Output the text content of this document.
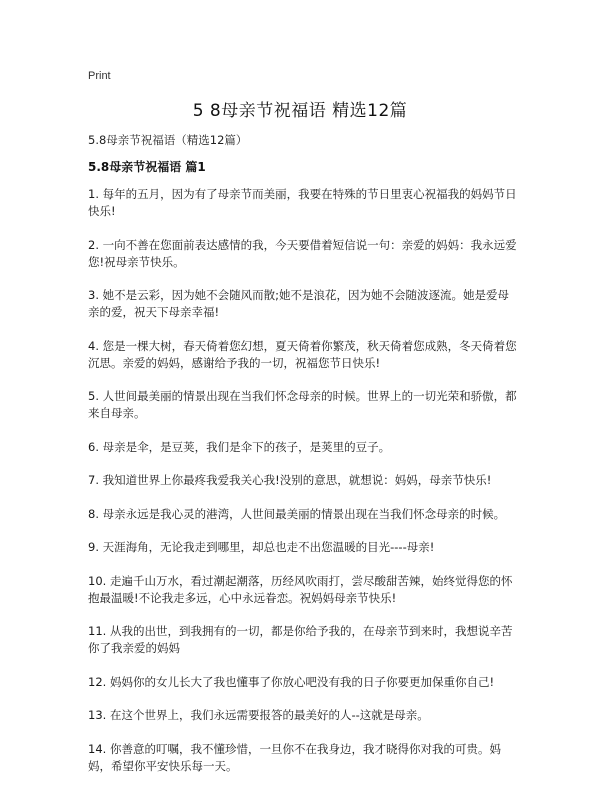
Print
5 8母亲节祝福语 精选12篇
5.8母亲节祝福语（精选12篇）
5.8母亲节祝福语 篇1
1. 每年的五月，因为有了母亲节而美丽，我要在特殊的节日里衷心祝福我的妈妈节日快乐!
2. 一向不善在您面前表达感情的我，今天要借着短信说一句：亲爱的妈妈：我永远爱您!祝母亲节快乐。
3. 她不是云彩，因为她不会随风而散;她不是浪花，因为她不会随波逐流。她是爱母亲的爱，祝天下母亲幸福!
4. 您是一棵大树，春天倚着您幻想，夏天倚着你繁茂，秋天倚着您成熟，冬天倚着您沉思。亲爱的妈妈，感谢给予我的一切，祝福您节日快乐!
5. 人世间最美丽的情景出现在当我们怀念母亲的时候。世界上的一切光荣和骄傲，都来自母亲。
6. 母亲是伞，是豆荚，我们是伞下的孩子，是荚里的豆子。
7. 我知道世界上你最疼我爱我关心我!没别的意思，就想说：妈妈，母亲节快乐!
8. 母亲永远是我心灵的港湾，人世间最美丽的情景出现在当我们怀念母亲的时候。
9. 天涯海角，无论我走到哪里，却总也走不出您温暖的目光----母亲!
10. 走遍千山万水，看过潮起潮落，历经风吹雨打，尝尽酸甜苦辣，始终觉得您的怀抱最温暖!不论我走多远，心中永远眷恋。祝妈妈母亲节快乐!
11. 从我的出世，到我拥有的一切，都是你给予我的，在母亲节到来时，我想说辛苦你了我亲爱的妈妈
12. 妈妈你的女儿长大了我也懂事了你放心吧没有我的日子你要更加保重你自己!
13. 在这个世界上，我们永远需要报答的最美好的人--这就是母亲。
14. 你善意的叮嘱，我不懂珍惜，一旦你不在我身边，我才晓得你对我的可贵。妈妈，希望你平安快乐每一天。
